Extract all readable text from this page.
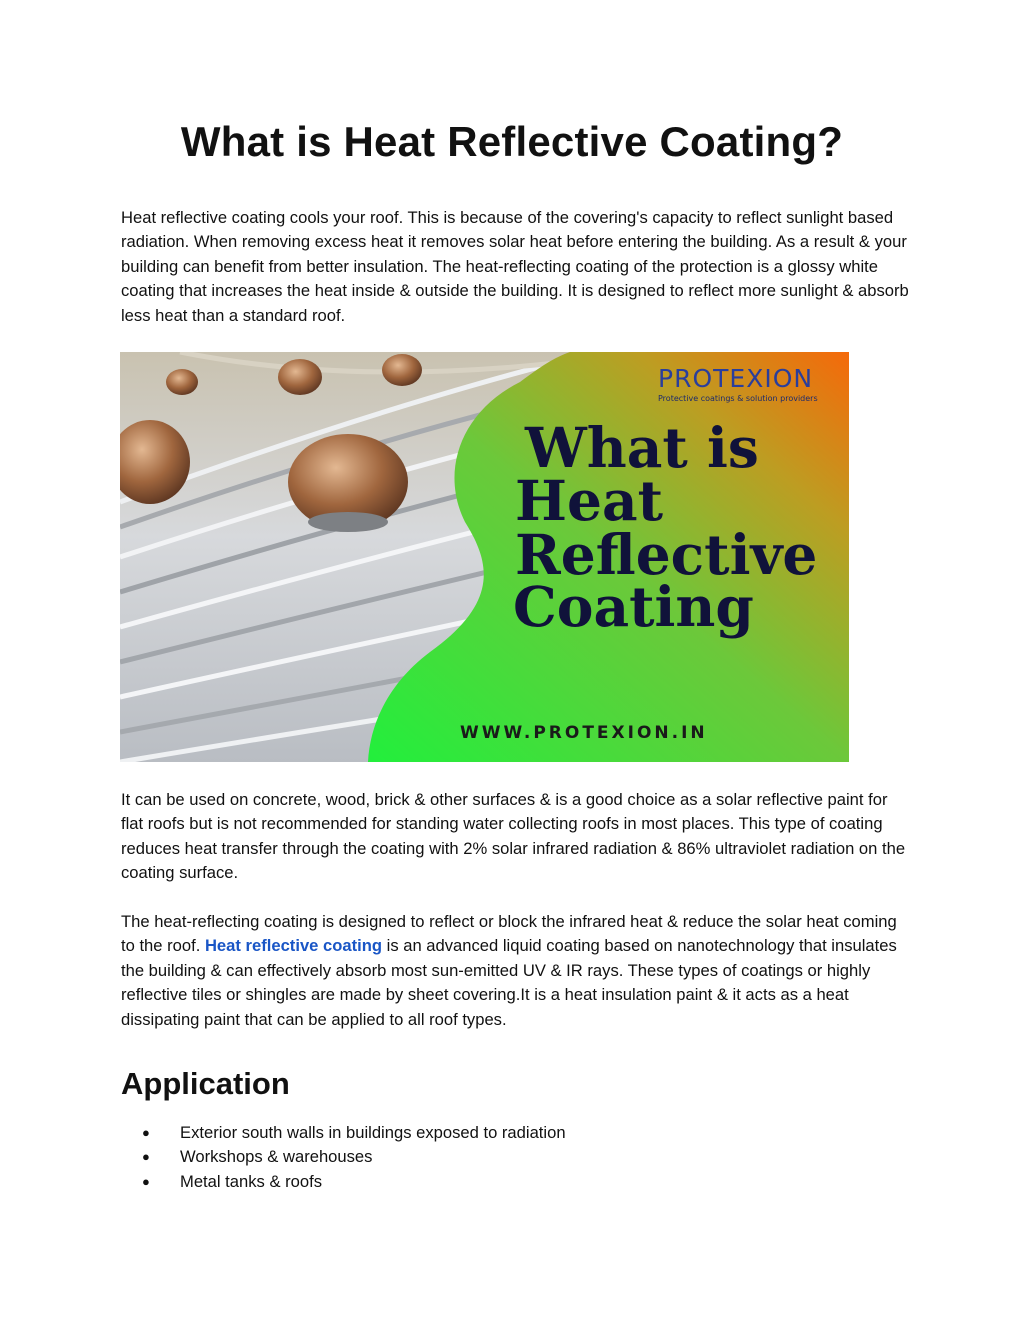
What is Heat Reflective Coating?

Heat reflective coating cools your roof. This is because of the covering's capacity to reflect sunlight based radiation. When removing excess heat it removes solar heat before entering the building. As a result & your building can benefit from better insulation. The heat-reflecting coating of the protection is a glossy white coating that increases the heat inside & outside the building. It is designed to reflect more sunlight & absorb less heat than a standard roof.

PROTEXION
Protective coatings & solution providers
What is
Heat
Reflective
Coating
WWW.PROTEXION.IN

It can be used on concrete, wood, brick & other surfaces & is a good choice as a solar reflective paint for flat roofs but is not recommended for standing water collecting roofs in most places. This type of coating reduces heat transfer through the coating with 2% solar infrared radiation & 86% ultraviolet radiation on the coating surface.

The heat-reflecting coating is designed to reflect or block the infrared heat & reduce the solar heat coming to the roof. Heat reflective coating is an advanced liquid coating based on nanotechnology that insulates the building & can effectively absorb most sun-emitted UV & IR rays. These types of coatings or highly reflective tiles or shingles are made by sheet covering.It is a heat insulation paint & it acts as a heat dissipating paint that can be applied to all roof types.

Application
● Exterior south walls in buildings exposed to radiation
● Workshops & warehouses
● Metal tanks & roofs
